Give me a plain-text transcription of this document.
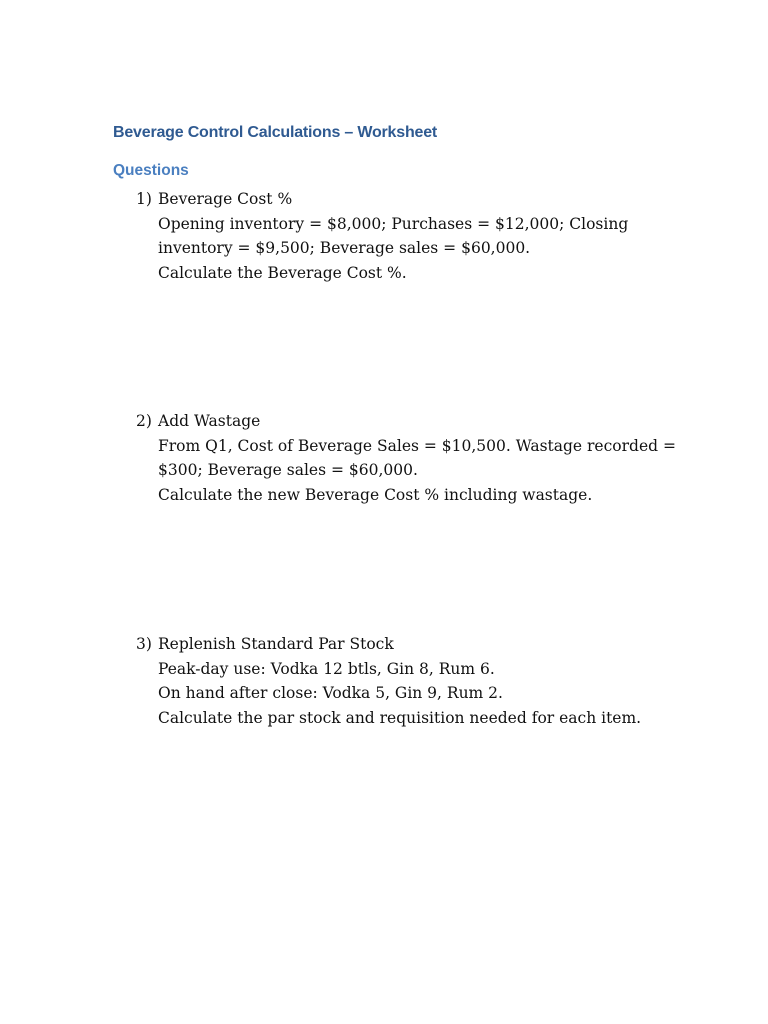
Beverage Control Calculations – Worksheet
Questions
1) Beverage Cost %
Opening inventory = $8,000; Purchases = $12,000; Closing
inventory = $9,500; Beverage sales = $60,000.
Calculate the Beverage Cost %.
2) Add Wastage
From Q1, Cost of Beverage Sales = $10,500. Wastage recorded =
$300; Beverage sales = $60,000.
Calculate the new Beverage Cost % including wastage.
3) Replenish Standard Par Stock
Peak-day use: Vodka 12 btls, Gin 8, Rum 6.
On hand after close: Vodka 5, Gin 9, Rum 2.
Calculate the par stock and requisition needed for each item.
